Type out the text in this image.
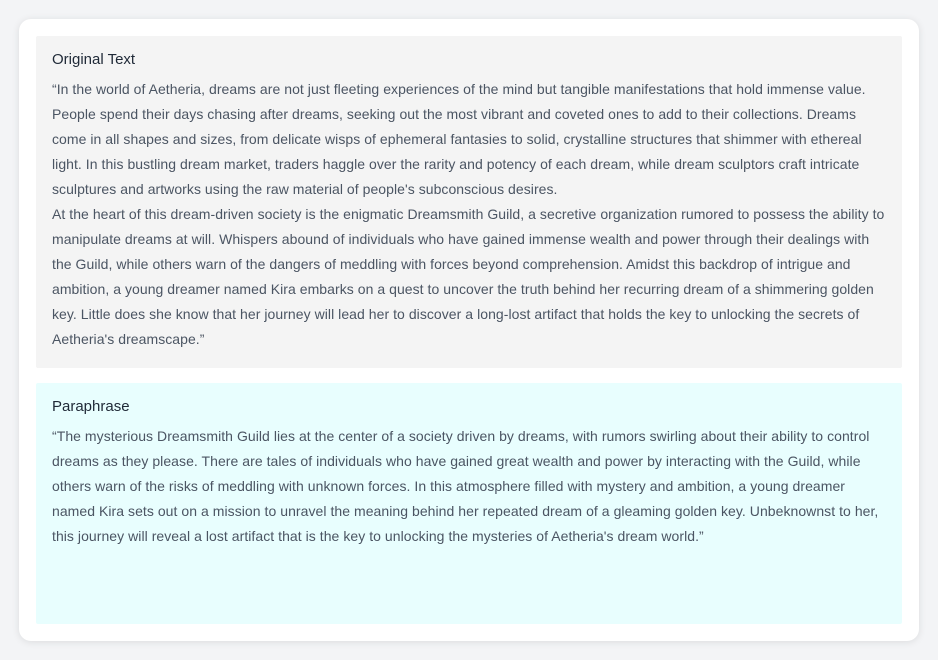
Original Text

“In the world of Aetheria, dreams are not just fleeting experiences of the mind but tangible manifestations that hold immense value. People spend their days chasing after dreams, seeking out the most vibrant and coveted ones to add to their collections. Dreams come in all shapes and sizes, from delicate wisps of ephemeral fantasies to solid, crystalline structures that shimmer with ethereal light. In this bustling dream market, traders haggle over the rarity and potency of each dream, while dream sculptors craft intricate sculptures and artworks using the raw material of people's subconscious desires.

At the heart of this dream-driven society is the enigmatic Dreamsmith Guild, a secretive organization rumored to possess the ability to manipulate dreams at will. Whispers abound of individuals who have gained immense wealth and power through their dealings with the Guild, while others warn of the dangers of meddling with forces beyond comprehension. Amidst this backdrop of intrigue and ambition, a young dreamer named Kira embarks on a quest to uncover the truth behind her recurring dream of a shimmering golden key. Little does she know that her journey will lead her to discover a long-lost artifact that holds the key to unlocking the secrets of Aetheria's dreamscape.”

Paraphrase

“The mysterious Dreamsmith Guild lies at the center of a society driven by dreams, with rumors swirling about their ability to control dreams as they please. There are tales of individuals who have gained great wealth and power by interacting with the Guild, while others warn of the risks of meddling with unknown forces. In this atmosphere filled with mystery and ambition, a young dreamer named Kira sets out on a mission to unravel the meaning behind her repeated dream of a gleaming golden key. Unbeknownst to her, this journey will reveal a lost artifact that is the key to unlocking the mysteries of Aetheria's dream world.”
